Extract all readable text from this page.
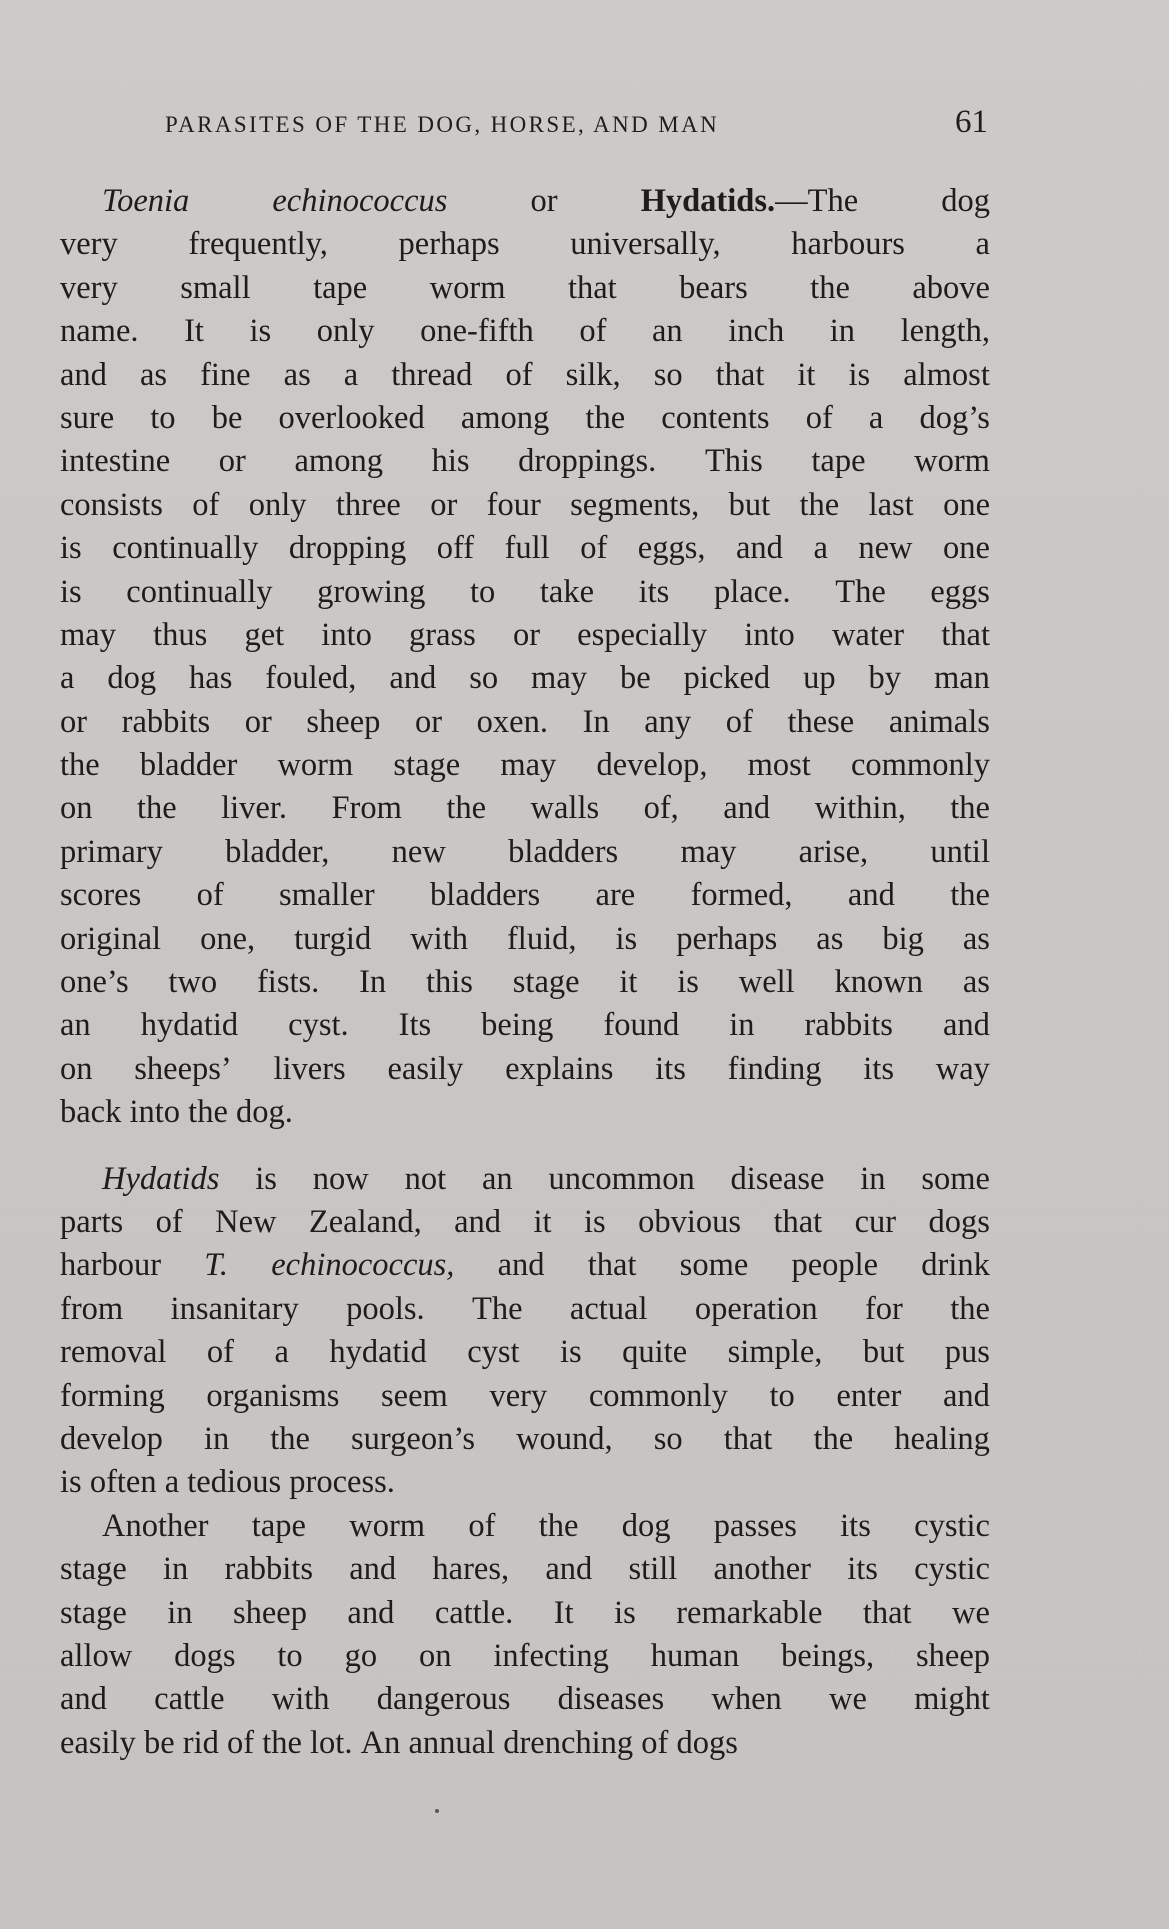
PARASITES OF THE DOG, HORSE, AND MAN	61
Toenia	echinococcus	or	Hydatids.—The	dog
very frequently, perhaps universally, harbours a
very small tape worm that bears the above
name. It is only one-fifth of an inch in length,
and as fine as a thread of silk, so that it is almost
sure to be overlooked among the contents of a dog’s
intestine or among his droppings. This tape worm
consists of only three or four segments, but the last one
is continually dropping off full of eggs, and a new one
is continually growing to take its place. The eggs
may thus get into grass or especially into water that
a dog has fouled, and so may be picked up by man
or rabbits or sheep or oxen. In any of these animals
the bladder worm stage may develop, most commonly
on the liver. From the walls of, and within, the
primary bladder, new bladders may arise, until
scores of smaller bladders are formed, and the
original one, turgid with fluid, is perhaps as big as
one’s two fists. In this stage it is well known as
an hydatid cyst. Its being found in rabbits and
on sheeps’ livers easily explains its finding its way
back
into
the
dog.
Hydatids is now not an uncommon disease in some
parts of New Zealand, and it is obvious that cur dogs
harbour T. echinococcus, and that some people drink
from insanitary pools. The actual operation for the
removal of a hydatid cyst is quite simple, but pus
forming organisms seem very commonly to enter and
develop in the surgeon’s wound, so that the healing
is
often
a
tedious
process.
Another tape worm of the dog passes its cystic
stage in rabbits and hares, and still another its cystic
stage in sheep and cattle. It is remarkable that we
allow dogs to go on infecting human beings, sheep
and cattle with dangerous diseases when we might
easily
be
rid
of
the
lot.
An
annual
drenching
of
dogs
